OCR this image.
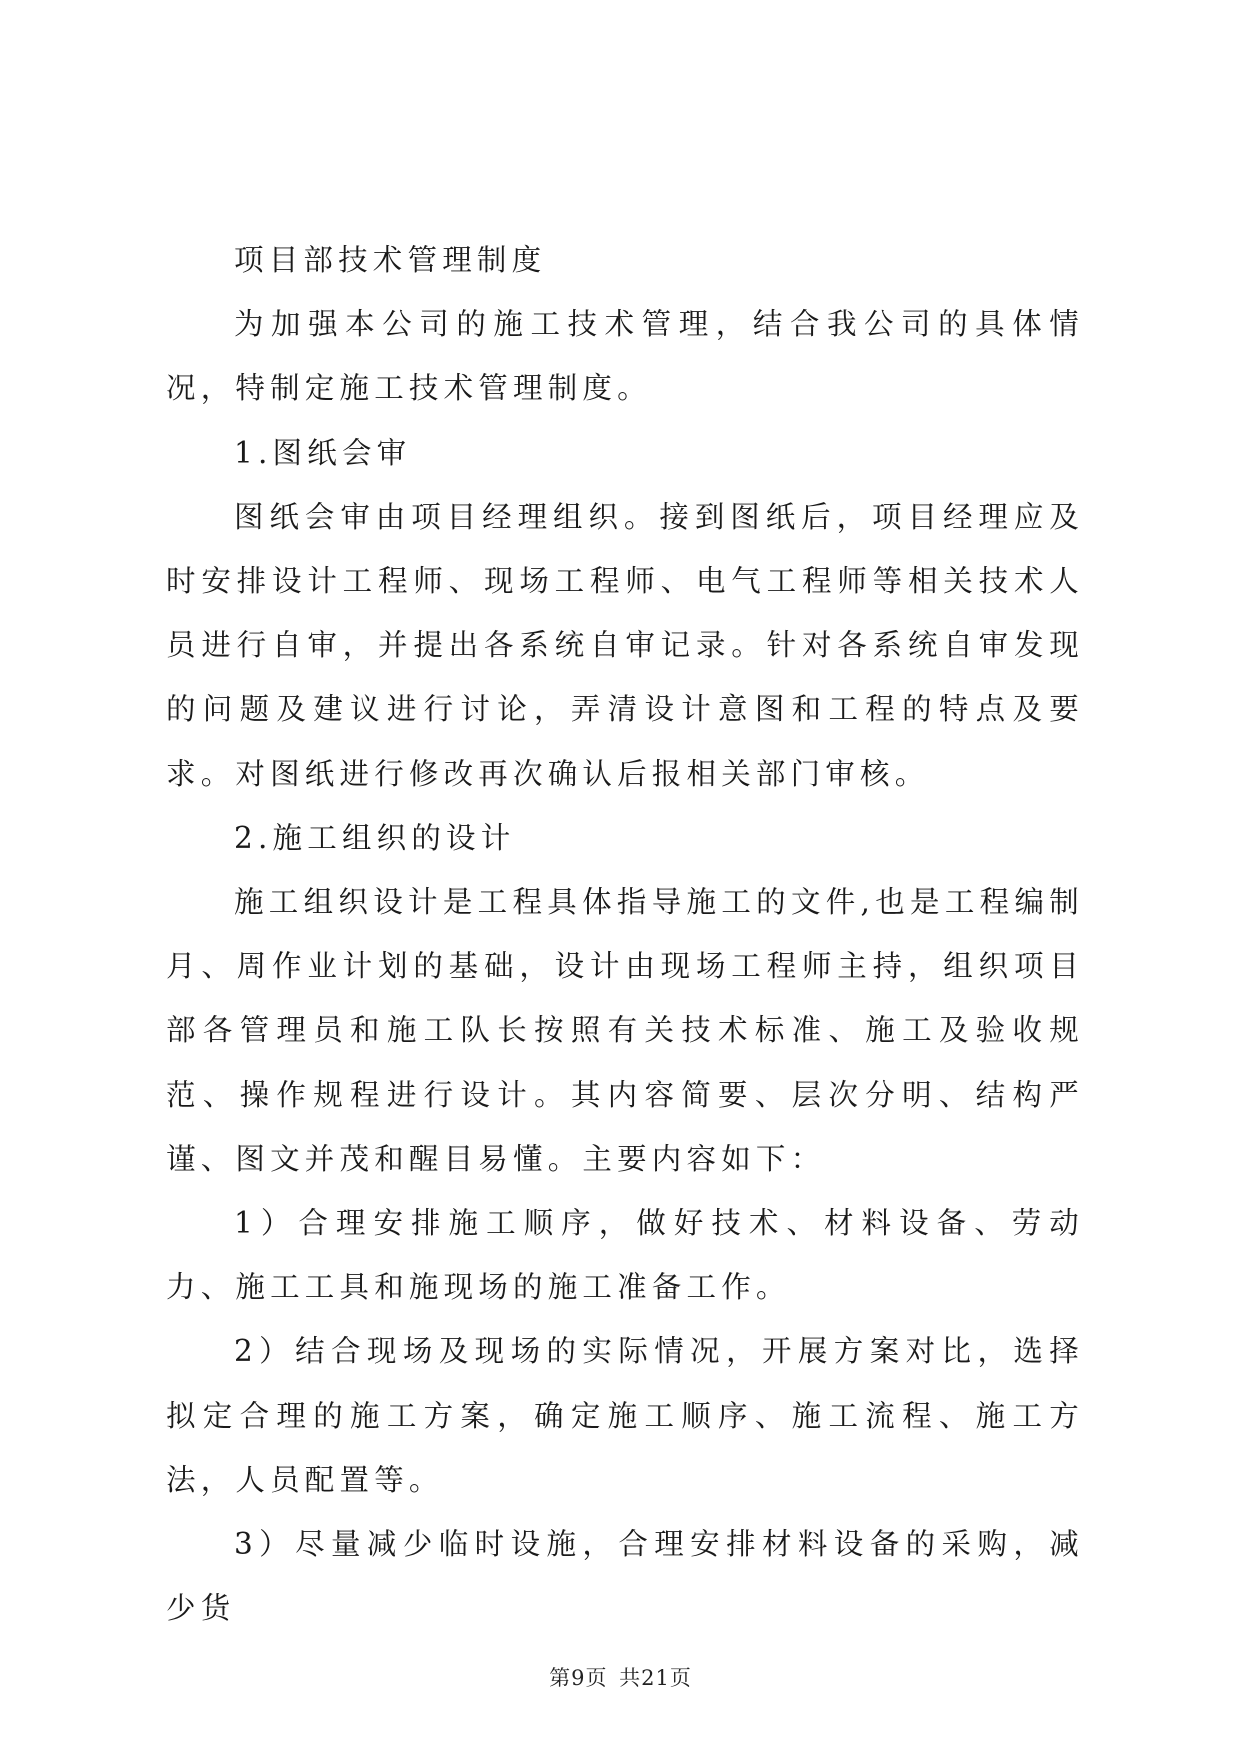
项目部技术管理制度

为加强本公司的施工技术管理，结合我公司的具体情况，特制定施工技术管理制度。

1.图纸会审

图纸会审由项目经理组织。接到图纸后，项目经理应及时安排设计工程师、现场工程师、电气工程师等相关技术人员进行自审，并提出各系统自审记录。针对各系统自审发现的问题及建议进行讨论，弄清设计意图和工程的特点及要求。对图纸进行修改再次确认后报相关部门审核。

2.施工组织的设计

施工组织设计是工程具体指导施工的文件,也是工程编制月、周作业计划的基础，设计由现场工程师主持，组织项目部各管理员和施工队长按照有关技术标准、施工及验收规范、操作规程进行设计。其内容简要、层次分明、结构严谨、图文并茂和醒目易懂。主要内容如下：

1）合理安排施工顺序，做好技术、材料设备、劳动力、施工工具和施现场的施工准备工作。

2）结合现场及现场的实际情况，开展方案对比，选择拟定合理的施工方案，确定施工顺序、施工流程、施工方法，人员配置等。

3）尽量减少临时设施，合理安排材料设备的采购，减少货

第9页 共21页
